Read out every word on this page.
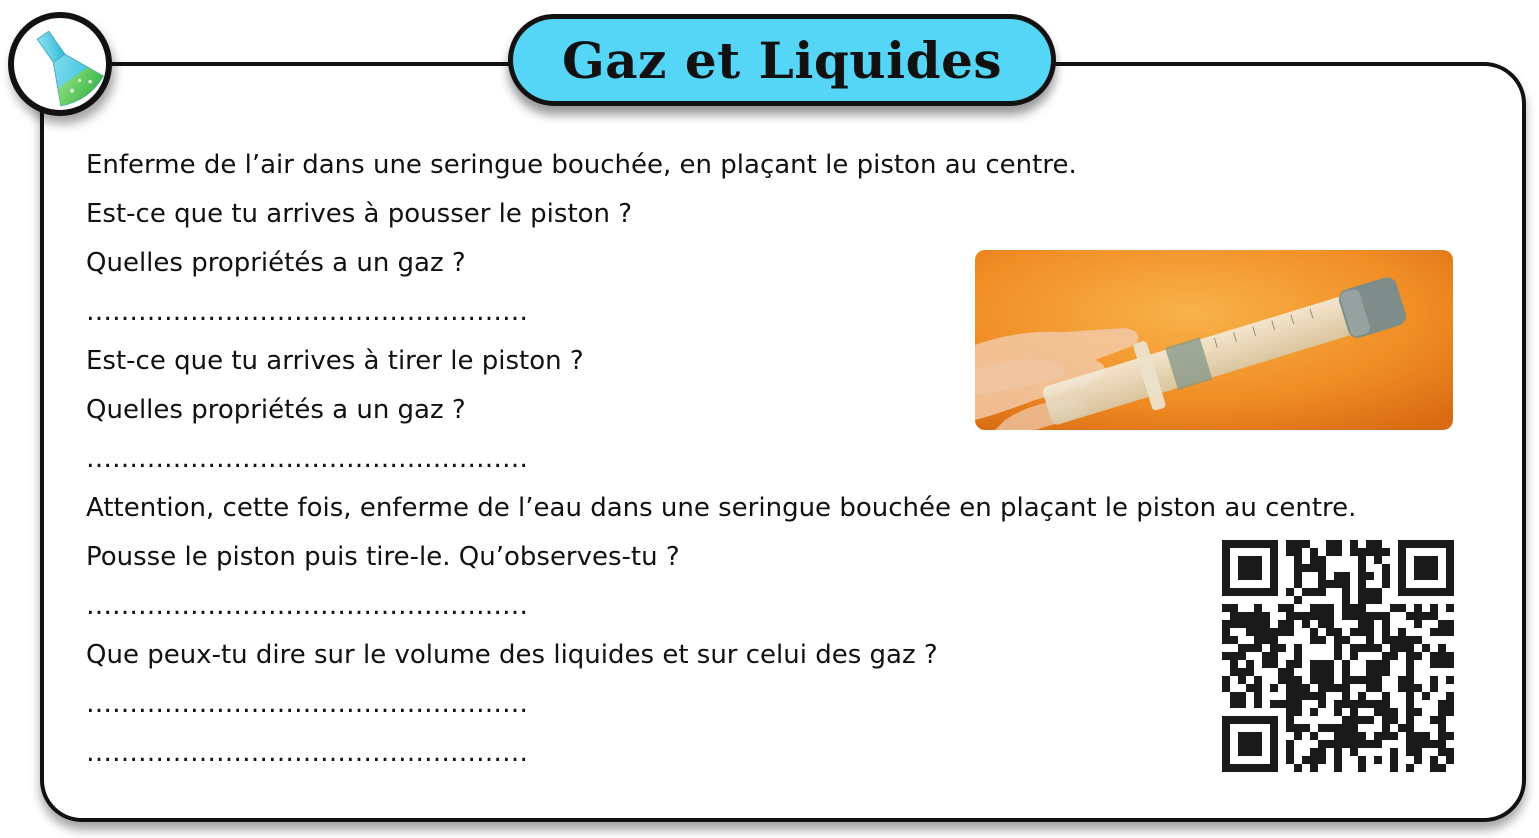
Gaz et Liquides
Enferme de l’air dans une seringue bouchée, en plaçant le piston au centre.
Est-ce que tu arrives à pousser le piston ?
Quelles propriétés a un gaz ?
……………………………………………
Est-ce que tu arrives à tirer le piston ?
Quelles propriétés a un gaz ?
……………………………………………
Attention, cette fois, enferme de l’eau dans une seringue bouchée en plaçant le piston au centre.
Pousse le piston puis tire-le. Qu’observes-tu ?
……………………………………………
Que peux-tu dire sur le volume des liquides et sur celui des gaz ?
……………………………………………
……………………………………………
